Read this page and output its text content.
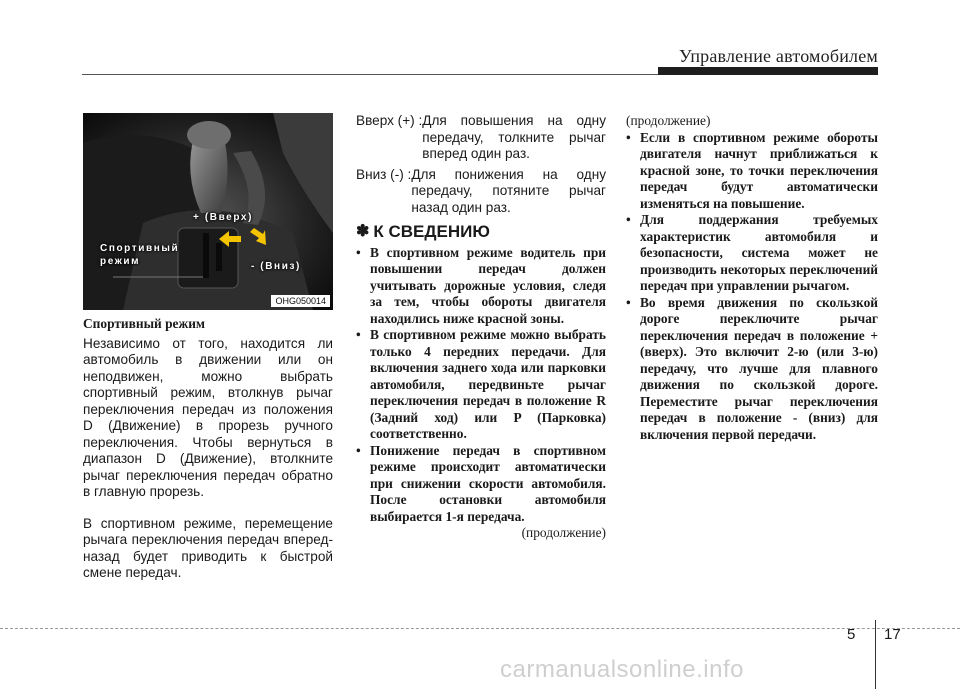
Управление автомобилем
+ (Вверх)
Спортивный
режим	- (Вниз)
OHG050014

Спортивный режим

Независимо от того, находится ли автомобиль в движении или он неподвижен, можно выбрать спортивный режим, втолкнув рычаг переключения передач из положения D (Движение) в прорезь ручного переключения. Чтобы вернуться в диапазон D (Движение), втолкните рычаг переключения передач обратно в главную прорезь.

В спортивном режиме, перемещение рычага переключения передач вперед-назад будет приводить к быстрой смене передач.

Вверх (+) : Для повышения на одну передачу, толкните рычаг вперед один раз.
Вниз (-) : Для понижения на одну передачу, потяните рычаг назад один раз.
✽ К СВЕДЕНИЮ
• В спортивном режиме водитель при повышении передач должен учитывать дорожные условия, следя за тем, чтобы обороты двигателя находились ниже красной зоны.
• В спортивном режиме можно выбрать только 4 передних передачи. Для включения заднего хода или парковки автомобиля, передвиньте рычаг переключения передач в положение R (Задний ход) или P (Парковка) соответственно.
• Понижение передач в спортивном режиме происходит автоматически при снижении скорости автомобиля. После остановки автомобиля выбирается 1-я передача.
(продолжение)
(продолжение)
• Если в спортивном режиме обороты двигателя начнут приближаться к красной зоне, то точки переключения передач будут автоматически изменяться на повышение.
• Для поддержания требуемых характеристик автомобиля и безопасности, система может не производить некоторых переключений передач при управлении рычагом.
• Во время движения по скользкой дороге переключите рычаг переключения передач в положение + (вверх). Это включит 2-ю (или 3-ю) передачу, что лучше для плавного движения по скользкой дороге. Переместите рычаг переключения передач в положение - (вниз) для включения первой передачи.
5 17
carmanualsonline.info
